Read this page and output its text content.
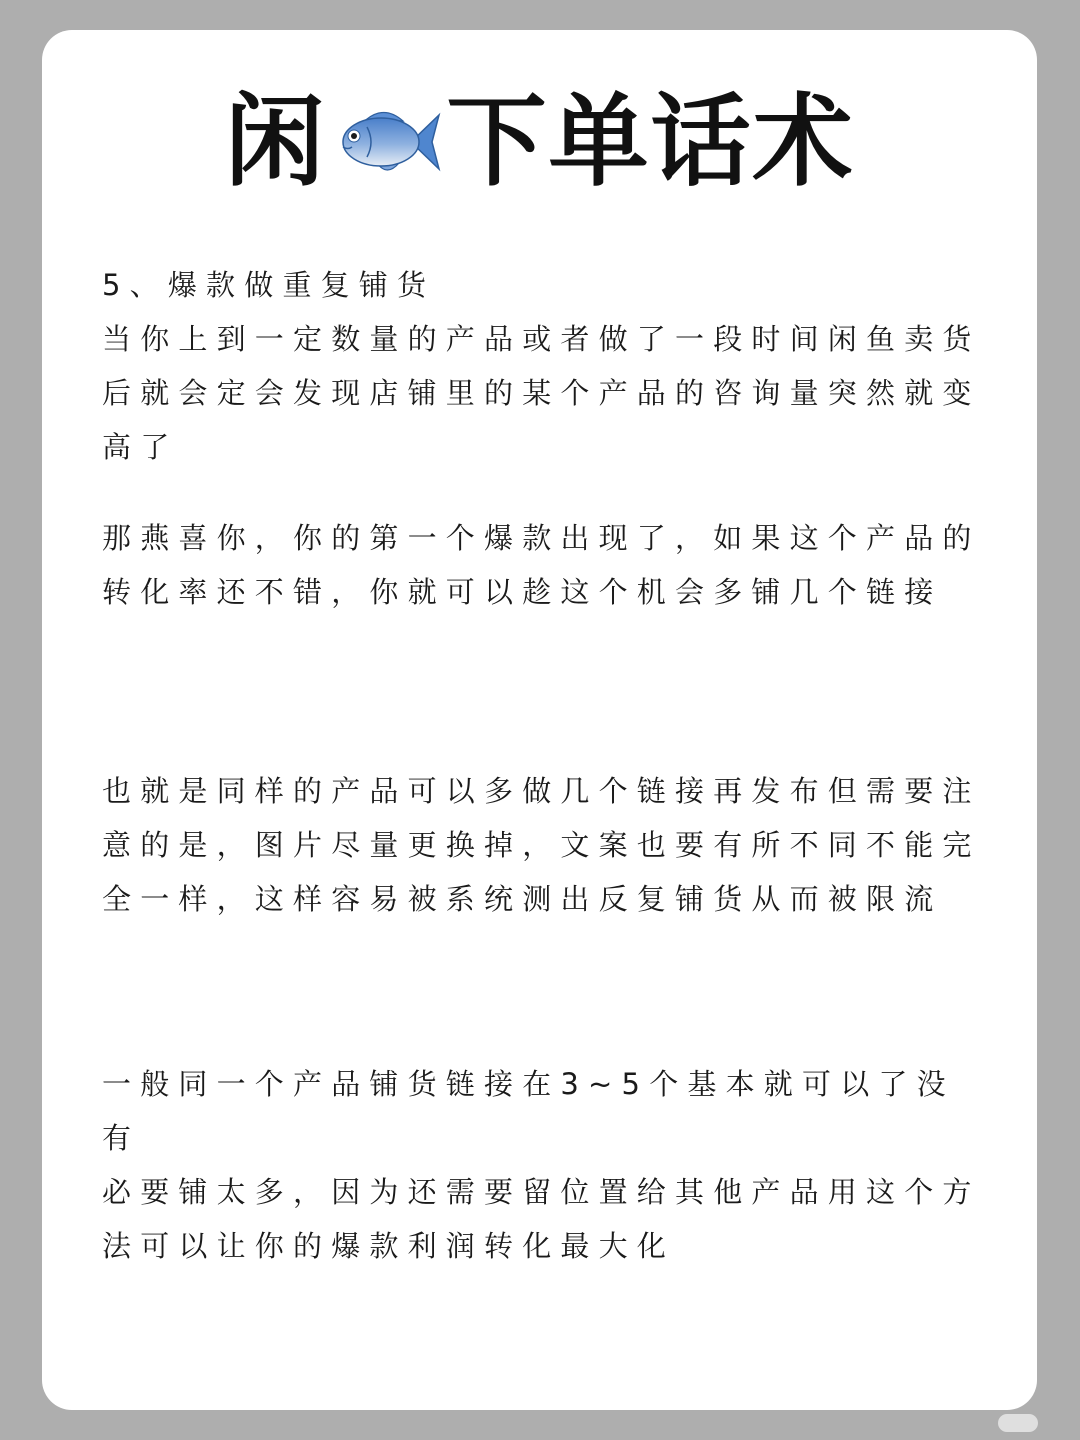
闲 下单话术

5、爆款做重复铺货

当你上到一定数量的产品或者做了一段时间闲鱼卖货
后就会定会发现店铺里的某个产品的咨询量突然就变
高了

那燕喜你，你的第一个爆款出现了，如果这个产品的
转化率还不错，你就可以趁这个机会多铺几个链接

也就是同样的产品可以多做几个链接再发布但需要注
意的是，图片尽量更换掉，文案也要有所不同不能完
全一样，这样容易被系统测出反复铺货从而被限流

一般同一个产品铺货链接在3~5个基本就可以了没有
必要铺太多，因为还需要留位置给其他产品用这个方
法可以让你的爆款利润转化最大化
